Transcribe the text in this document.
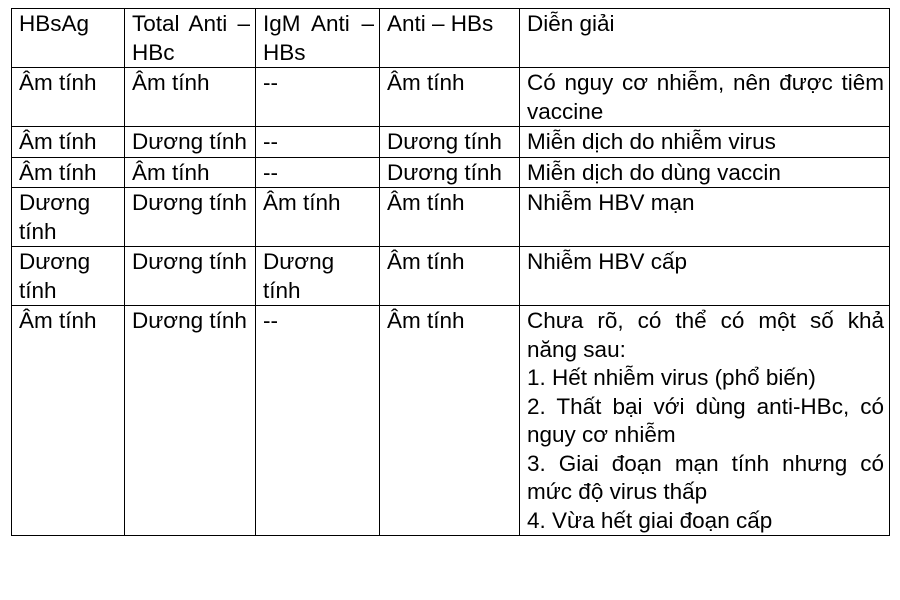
HBsAg	Total Anti – HBc	IgM Anti – HBs	Anti – HBs	Diễn giải
Âm tính	Âm tính	--	Âm tính	Có nguy cơ nhiễm, nên được tiêm vaccine
Âm tính	Dương tính	--	Dương tính	Miễn dịch do nhiễm virus
Âm tính	Âm tính	--	Dương tính	Miễn dịch do dùng vaccin
Dương tính	Dương tính	Âm tính	Âm tính	Nhiễm HBV mạn
Dương tính	Dương tính	Dương tính	Âm tính	Nhiễm HBV cấp
Âm tính	Dương tính	--	Âm tính	Chưa rõ, có thể có một số khả năng sau:
1. Hết nhiễm virus (phổ biến)
2. Thất bại với dùng anti-HBc, có nguy cơ nhiễm
3. Giai đoạn mạn tính nhưng có mức độ virus thấp
4. Vừa hết giai đoạn cấp
